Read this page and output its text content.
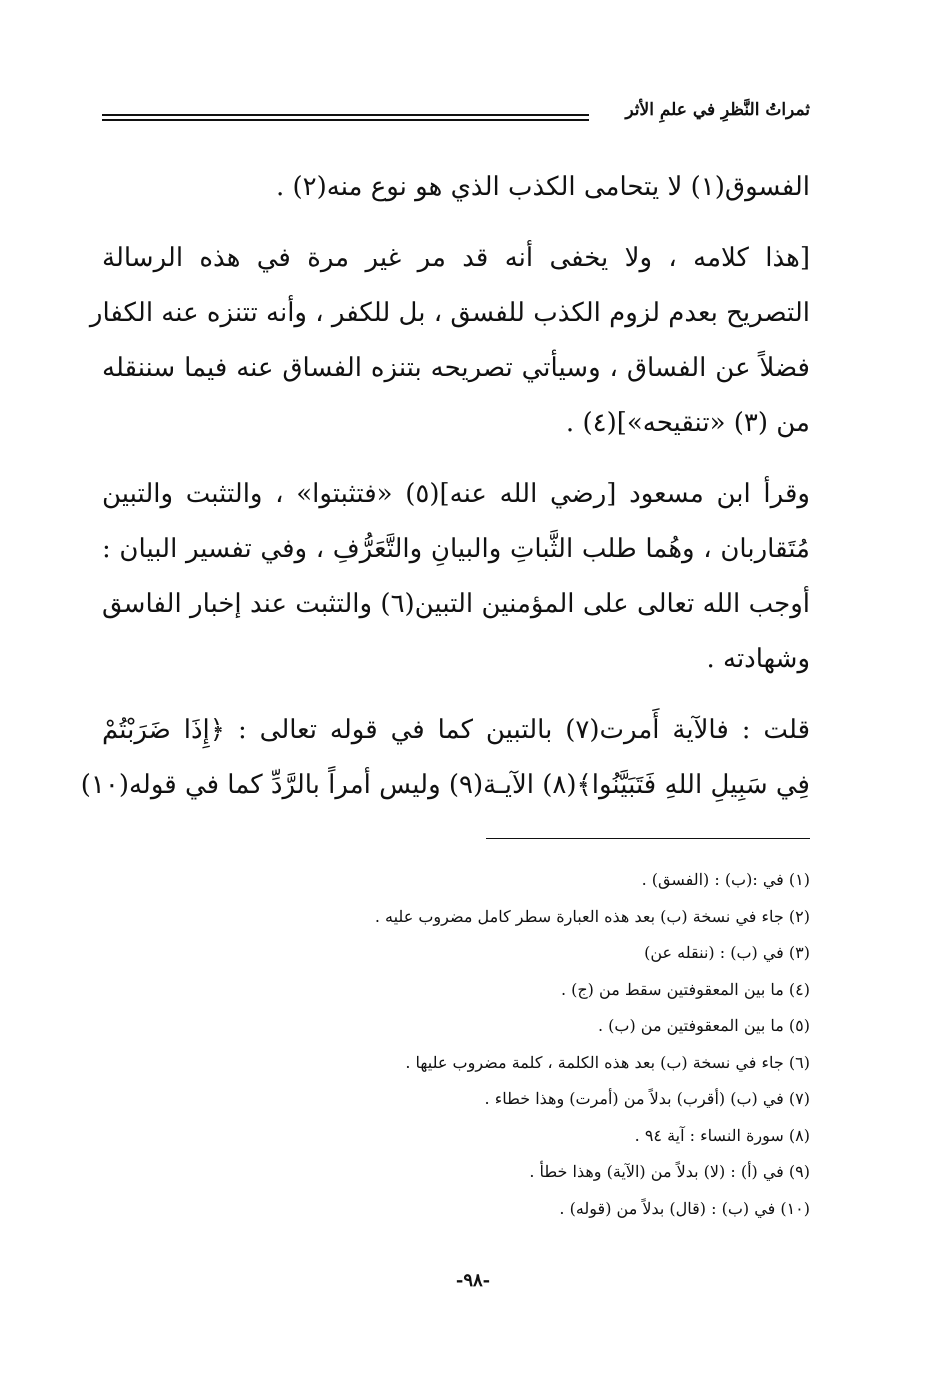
ثمراتُ النَّظرِ في علمِ الأثر

الفسوق(١) لا يتحامى الكذب الذي هو نوع منه(٢) .

[هذا كلامه ، ولا يخفى أنه قد مر غير مرة في هذه الرسالة
التصريح بعدم لزوم الكذب للفسق ، بل للكفر ، وأنه تتنزه عنه الكفار
فضلاً عن الفساق ، وسيأتي تصريحه بتنزه الفساق عنه فيما سننقله
من (٣) «تنقيحه»](٤) .

وقرأ ابن مسعود [رضي الله عنه](٥) «فتثبتوا» ، والتثبت والتبين
مُتَقاربان ، وهُما طلب الثَّباتِ والبيانِ والتَّعَرُّفِ ، وفي تفسير البيان :
أوجب الله تعالى على المؤمنين التبين(٦) والتثبت عند إخبار الفاسق
وشهادته .

قلت : فالآية أَمرت(٧) بالتبين كما في قوله تعالى : ﴿إِذَا ضَرَبْتُمْ
فِي سَبِيلِ اللهِ فَتَبَيَّنُوا﴾(٨) الآيـة(٩) وليس أمراً بالرَّدِّ كما في قوله(١٠)

(١) في :(ب) : (الفسق) .
(٢) جاء في نسخة (ب) بعد هذه العبارة سطر كامل مضروب عليه .
(٣) في (ب) : (ننقله عن)
(٤) ما بين المعقوفتين سقط من (ج) .
(٥) ما بين المعقوفتين من (ب) .
(٦) جاء في نسخة (ب) بعد هذه الكلمة ، كلمة مضروب عليها .
(٧) في (ب) (أقرب) بدلاً من (أمرت) وهذا خطاء .
(٨) سورة النساء : آية ٩٤ .
(٩) في (أ) : (لا) بدلاً من (الآية) وهذا خطأ .
(١٠) في (ب) : (قال) بدلاً من (قوله) .
-٩٨-
